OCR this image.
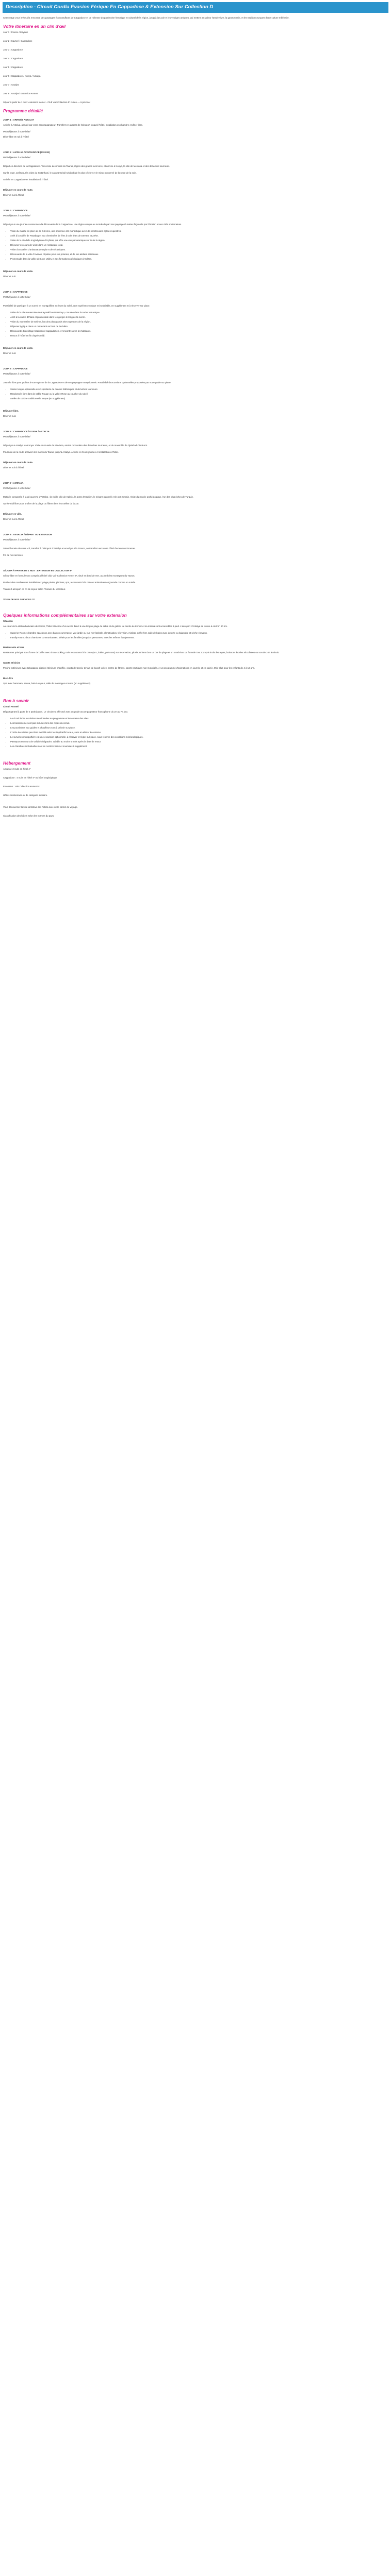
Description - Circuit Cordia Evasion Férique En Cappadoce & Extension Sur Collection D

Cet voyage vous invite à la rencontre des paysages époustouflants de Cappadoce et de richesse du patrimoine historique et culturel de la région, jusqu'à la Lycie et les vestiges antiques, qui mettent en valeur l'art de vivre, la gastronomie, et les traditions turques d'une culture millénaire.

Votre itinéraire en un clin d'œil

Jour 1 : France / Kayseri

Jour 2 : Kayseri / Cappadoce

Jour 3 : Cappadoce

Jour 4 : Cappadoce

Jour 5 : Cappadoce

Jour 6 : Cappadoce / Konya / Antalya

Jour 7 : Antalya

Jour 8 : Antalya / Extension Kemer

Séjour à partir de 1 nuit : extension Kemer - Club Voir Collection 5* nuitée — à préciser

Programme détaillé

JOUR 1 : ARRIVÉE ANTALYA

Arrivée à Antalya, accueil par votre accompagnateur. Transfert en autocar de l'aéroport jusqu'à l'hôtel. Installation en chambre et dîner libre.

Petit déjeuner à votre hôtel

Dîner libre et nuit à l'hôtel

JOUR 2 : ANTALYA / CAPPADOCE (570 KM)

Petit déjeuner à votre hôtel

Départ en direction de la Cappadoce. Traversée des monts du Taurus, région des grands lacs turcs, et arrivée à Konya, la ville de Mevlana et des derviches tourneurs.

Sur la route, arrêt pour la visite du Sultanhani, le caravansérail seldjoukide le plus célèbre et le mieux conservé de la route de la soie.

Arrivée en Cappadoce et installation à l'hôtel.

Déjeuner en cours de route.

Dîner et nuit à l'hôtel.

JOUR 3 : CAPPADOCE

Petit déjeuner à votre hôtel

Départ pour une journée consacrée à la découverte de la Cappadoce, une région unique au monde de part ses paysages lunaires façonnés par l'érosion et ses cités souterraines.

• Visite du musée en plein air de Göreme, une ancienne cité monastique avec de nombreuses églises rupestres.
• Arrêt à la vallée de Pasabag et aux cheminées de fées à trois têtes de Devrent et Zelve.
• Visite de la citadelle troglodytique d'Uçhisar, qui offre une vue panoramique sur toute la région.
• Déjeuner en cours de visite dans un restaurant local.
• Visite d'un atelier d'artisanat de tapis et de céramiques.
• Découverte de la ville d'Avanos, réputée pour ses poteries, et de ses ateliers artisanaux.
• Promenade dans la vallée de Love Valley et ses formations géologiques insolites.

Déjeuner en cours de visite.

Dîner et nuit.

JOUR 4 : CAPPADOCE

Petit déjeuner à votre hôtel

Possibilité de participer à un survol en montgolfière au lever du soleil, une expérience unique et inoubliable, en supplément et à réserver sur place.

• Visite de la cité souterraine de Kaymakli ou Derinkuyu, creusée dans la roche volcanique.
• Arrêt à la vallée d'Ihlara et promenade dans les gorges le long de la rivière.
• Visite du monastère de Selime, l'un des plus grands sites rupestres de la région.
• Déjeuner typique dans un restaurant au bord de la rivière.
• Découverte d'un village traditionnel cappadocien et rencontre avec les habitants.
• Retour à l'hôtel en fin d'après-midi.

Déjeuner en cours de visite.

Dîner et nuit.

JOUR 5 : CAPPADOCE

Petit déjeuner à votre hôtel

Journée libre pour profiter à votre rythme de la Cappadoce et de ses paysages exceptionnels. Possibilité d'excursions optionnelles proposées par votre guide sur place.

• Soirée turque optionnelle avec spectacle de danses folkloriques et derviches tourneurs.
• Randonnée libre dans la vallée Rouge ou la vallée Rose au coucher du soleil.
• Atelier de cuisine traditionnelle turque (en supplément).

Déjeuner libre.

Dîner et nuit.

JOUR 6 : CAPPADOCE / KONYA / ANTALYA

Petit déjeuner à votre hôtel

Départ pour Antalya via Konya. Visite du musée de Mevlana, ancien monastère des derviches tourneurs, et du mausolée de Djalal ad-Din Rumi.

Poursuite de la route à travers les monts du Taurus jusqu'à Antalya. Arrivée en fin de journée et installation à l'hôtel.

Déjeuner en cours de route.

Dîner et nuit à l'hôtel.

JOUR 7 : ANTALYA

Petit déjeuner à votre hôtel

Matinée consacrée à la découverte d'Antalya : la vieille ville de Kaleiçi, la porte d'Hadrien, le minaret cannelé et le port romain. Visite du musée archéologique, l'un des plus riches de Turquie.

Après-midi libre pour profiter de la plage ou flâner dans les ruelles du bazar.

Déjeuner en ville.

Dîner et nuit à l'hôtel.

JOUR 8 : ANTALYA / DÉPART OU EXTENSION

Petit déjeuner à votre hôtel

Selon l'horaire de votre vol, transfert à l'aéroport d'Antalya et envol pour la France, ou transfert vers votre hôtel d'extension à Kemer.

Fin de nos services.

SÉJOUR À PARTIR DE 1 NUIT : EXTENSION EN COLLECTION 5*

Séjour libre en formule tout compris à l'hôtel club Voir Collection Kemer 5*, situé en bord de mer, au pied des montagnes du Taurus.

Profitez des nombreuses installations : plage privée, piscines, spa, restaurants à la carte et animations en journée comme en soirée.

Transfert aéroport en fin de séjour selon l'horaire du vol retour.

*** FIN DE NOS SERVICES ***

Quelques informations complémentaires sur votre extension

Situation

Au cœur de la station balnéaire de Kemer, l'hôtel bénéficie d'un accès direct à une longue plage de sable et de galets. Le centre de Kemer et sa marina sont accessibles à pied. L'aéroport d'Antalya se trouve à environ 60 km.

• Superior Room : chambre spacieuse avec balcon ou terrasse, vue jardin ou vue mer latérale, climatisation, télévision, minibar, coffre-fort, salle de bains avec douche ou baignoire et sèche-cheveux.
• Family Room : deux chambres communicantes, idéale pour les familles jusqu'à 4 personnes, avec les mêmes équipements.

Restaurants et bars

Restaurant principal sous forme de buffet avec show-cooking, trois restaurants à la carte (turc, italien, poissons) sur réservation, plusieurs bars dont un bar de plage et un snack-bar. La formule Tout Compris inclut les repas, boissons locales alcoolisées ou non de 10h à minuit.

Sports et loisirs

Piscine extérieure avec toboggans, piscine intérieure chauffée, courts de tennis, terrain de beach-volley, centre de fitness, sports nautiques non motorisés, et un programme d'animations en journée et en soirée. Mini-club pour les enfants de 4 à 12 ans.

Bien-être

Spa avec hammam, sauna, bain à vapeur, salle de massages et soins (en supplément).

Bon à savoir

Circuit Formel

Départ garanti à partir de 2 participants. Le circuit est effectué avec un guide accompagnateur francophone du 2e au 7e jour.

• Le circuit inclut les visites mentionnées au programme et les entrées des sites.
• Les boissons ne sont pas incluses lors des repas du circuit.
• Les pourboires aux guides et chauffeurs sont à prévoir sur place.
• L'ordre des visites peut être modifié selon les impératifs locaux, sans en altérer le contenu.
• Le survol en montgolfière est une excursion optionnelle, à réserver et régler sur place, sous réserve des conditions météorologiques.
• Passeport en cours de validité obligatoire, valable au moins 6 mois après la date de retour.
• Les chambres individuelles sont en nombre limité et soumises à supplément.
Hébergement

Antalya : 2 nuits en hôtel 4*

Cappadoce : 4 nuits en hôtel 4* ou hôtel troglodytique

Extension : Voir Collection Kemer 5*

Hôtels mentionnés ou de catégorie similaire.

Vous découvrirez la liste définitive des hôtels avec votre carnet de voyage.

Classification des hôtels selon les normes du pays.
